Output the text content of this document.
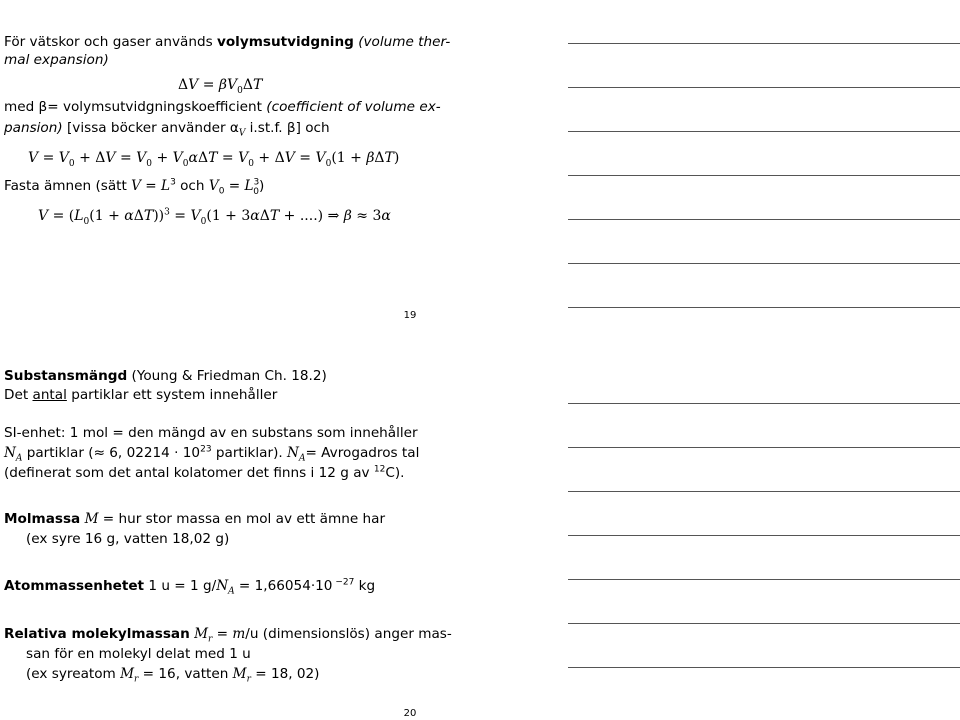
För vätskor och gaser används volymsutvidgning (volume ther-
mal expansion)
$\Delta V = \beta V_0\Delta T$
med β= volymsutvidgningskoefficient (coefficient of volume ex-
pansion) [vissa böcker använder $\alpha_V$ i.st.f. β] och
$V = V_0 + \Delta V = V_0 + V_0\alpha\Delta T = V_0 + \Delta V = V_0(1 + \beta\Delta T)$
Fasta ämnen (sätt $V = L^3$ och $V_0 = L^3_0$)
$V = (L_0(1 + \alpha\Delta T))^3 = V_0(1 + 3\alpha\Delta T$ + ....) ⇒ β ≈ 3α
19
Substansmängd (Young & Friedman Ch. 18.2)
Det antal partiklar ett system innehåller
SI-enhet: 1 mol = den mängd av en substans som innehåller
$N_A$ partiklar (≈ 6, $02214 \cdot 10^{23}$ partiklar). $N_A=$ Avrogadros tal
(definerat som det antal kolatomer det finns i 12 g av $^{12}$C).
Molmassa M = hur stor massa en mol av ett ämne har
(ex syre 16 g, vatten 18,02 g)
Atommassenhetet 1 u = 1 $g/N_A = 1,66054\cdot 10$ $^{-27}$ kg
Relativa molekylmassan $M_r = m/u$ (dimensionslös) anger mas-
san för en molekyl delat med 1 u
(ex syreatom $M_r = 16$, vatten $M_r = 18$, 02)
20
